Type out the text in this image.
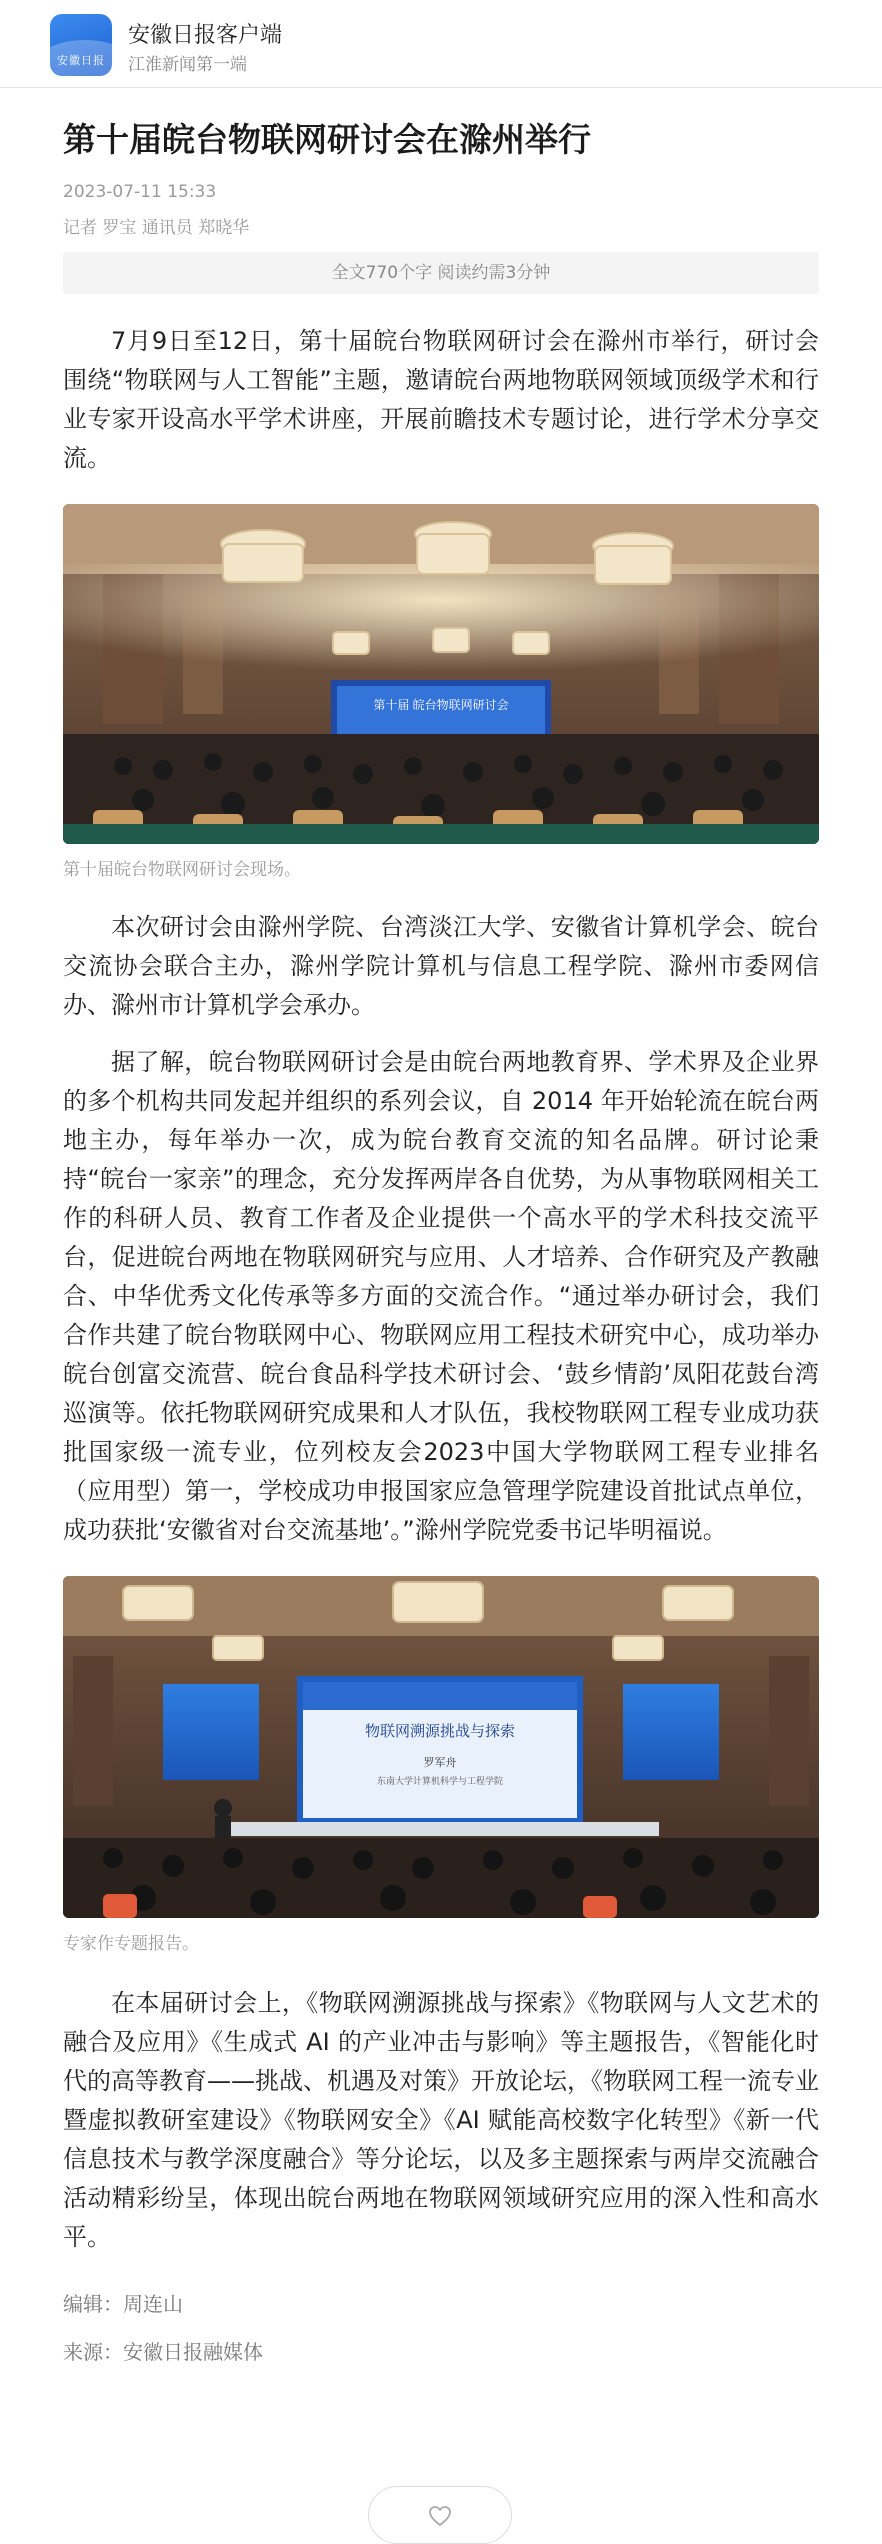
安徽日报
安徽日报客户端
江淮新闻第一端
第十届皖台物联网研讨会在滁州举行
2023-07-11 15:33
记者 罗宝 通讯员 郑晓华
全文770个字 阅读约需3分钟

7月9日至12日，第十届皖台物联网研讨会在滁州市举行，研讨会围绕“物联网与人工智能”主题，邀请皖台两地物联网领域顶级学术和行业专家开设高水平学术讲座，开展前瞻技术专题讨论，进行学术分享交流。

第十届 皖台物联网研讨会
第十届皖台物联网研讨会现场。

本次研讨会由滁州学院、台湾淡江大学、安徽省计算机学会、皖台交流协会联合主办，滁州学院计算机与信息工程学院、滁州市委网信办、滁州市计算机学会承办。

据了解，皖台物联网研讨会是由皖台两地教育界、学术界及企业界的多个机构共同发起并组织的系列会议，自 2014 年开始轮流在皖台两地主办，每年举办一次，成为皖台教育交流的知名品牌。研讨论秉持“皖台一家亲”的理念，充分发挥两岸各自优势，为从事物联网相关工作的科研人员、教育工作者及企业提供一个高水平的学术科技交流平台，促进皖台两地在物联网研究与应用、人才培养、合作研究及产教融合、中华优秀文化传承等多方面的交流合作。“通过举办研讨会，我们合作共建了皖台物联网中心、物联网应用工程技术研究中心，成功举办皖台创富交流营、皖台食品科学技术研讨会、‘鼓乡情韵’凤阳花鼓台湾巡演等。依托物联网研究成果和人才队伍，我校物联网工程专业成功获批国家级一流专业，位列校友会2023中国大学物联网工程专业排名（应用型）第一，学校成功申报国家应急管理学院建设首批试点单位，成功获批‘安徽省对台交流基地’。”滁州学院党委书记毕明福说。

物联网溯源挑战与探索
罗军舟
东南大学计算机科学与工程学院
专家作专题报告。

在本届研讨会上，《物联网溯源挑战与探索》《物联网与人文艺术的融合及应用》《生成式 AI 的产业冲击与影响》等主题报告，《智能化时代的高等教育——挑战、机遇及对策》开放论坛，《物联网工程一流专业暨虚拟教研室建设》《物联网安全》《AI 赋能高校数字化转型》《新一代信息技术与教学深度融合》等分论坛，以及多主题探索与两岸交流融合活动精彩纷呈，体现出皖台两地在物联网领域研究应用的深入性和高水平。

编辑：周连山
来源：安徽日报融媒体
